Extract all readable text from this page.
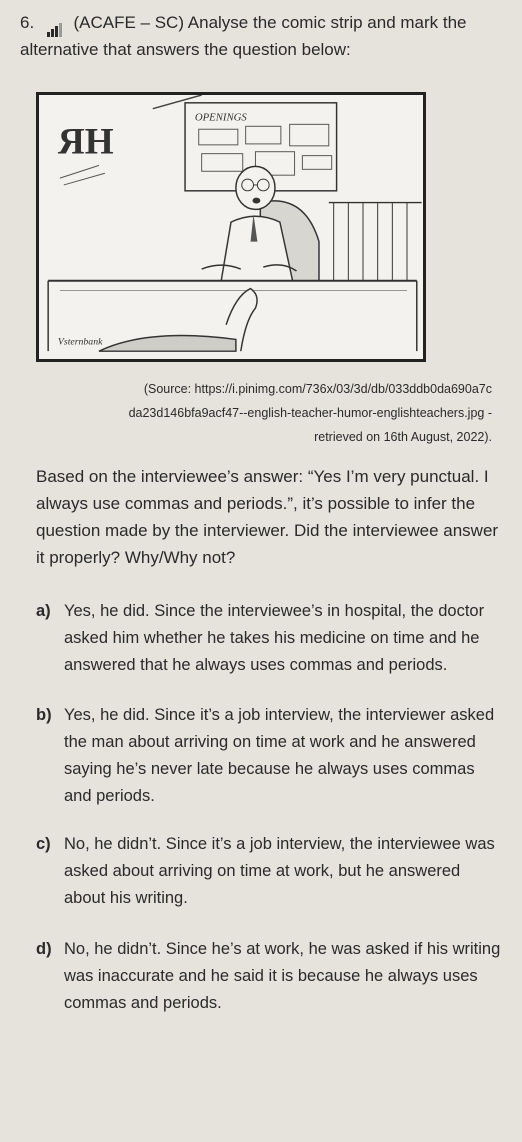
6. (ACAFE – SC) Analyse the comic strip and mark the alternative that answers the question below:
ЯH
OPENINGS
Vsternbank
(Source: https://i.pinimg.com/736x/03/3d/db/033ddb0da690a7c
da23d146bfa9acf47--english-teacher-humor-englishteachers.jpg -
retrieved on 16th August, 2022).
Based on the interviewee’s answer: “Yes I’m very punctual. I always use commas and periods.”, it’s possible to infer the question made by the interviewer. Did the interviewee answer it properly? Why/Why not?
a) Yes, he did. Since the interviewee’s in hospital, the doctor asked him whether he takes his medicine on time and he answered that he always uses commas and periods.
b) Yes, he did. Since it’s a job interview, the interviewer asked the man about arriving on time at work and he answered saying he’s never late because he always uses commas and periods.
c) No, he didn’t. Since it’s a job interview, the interviewee was asked about arriving on time at work, but he answered about his writing.
d) No, he didn’t. Since he’s at work, he was asked if his writing was inaccurate and he said it is because he always uses commas and periods.
